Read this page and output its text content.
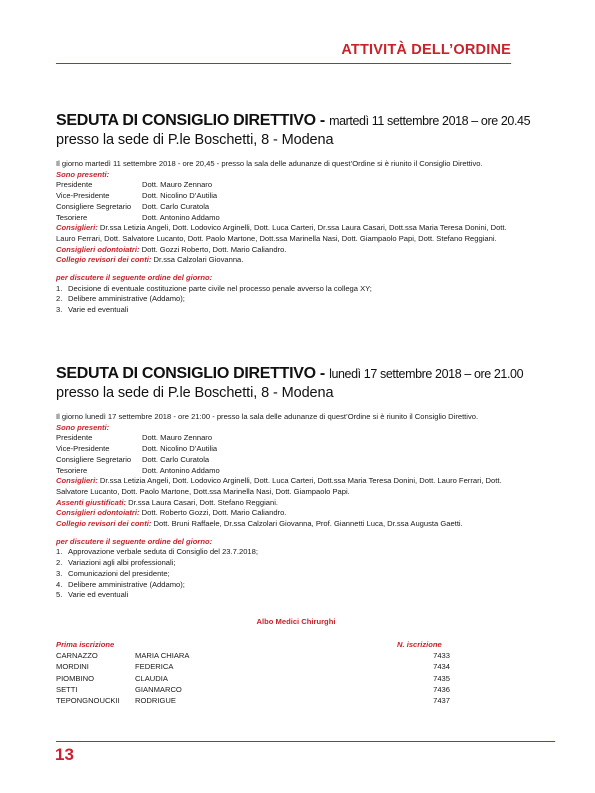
ATTIVITÀ DELL’ORDINE
SEDUTA DI CONSIGLIO DIRETTIVO - martedì 11 settembre 2018 – ore 20.45
presso la sede di P.le Boschetti, 8 - Modena
Il giorno martedì 11 settembre 2018 - ore 20,45 - presso la sala delle adunanze di quest’Ordine si è riunito il Consiglio Direttivo.
Sono presenti:
Presidente	Dott. Mauro Zennaro
Vice-Presidente	Dott. Nicolino D’Autilia
Consigliere Segretario	Dott. Carlo Curatola
Tesoriere	Dott. Antonino Addamo
Consiglieri: Dr.ssa Letizia Angeli, Dott. Lodovico Arginelli, Dott. Luca Carteri, Dr.ssa Laura Casari, Dott.ssa Maria Teresa Donini, Dott. Lauro Ferrari, Dott. Salvatore Lucanto, Dott. Paolo Martone, Dott.ssa Marinella Nasi, Dott. Giampaolo Papi, Dott. Stefano Reggiani.
Consiglieri odontoiatri: Dott. Gozzi Roberto, Dott. Mario Caliandro.
Collegio revisori dei conti: Dr.ssa Calzolari Giovanna.
per discutere il seguente ordine del giorno:
1. Decisione di eventuale costituzione parte civile nel processo penale avverso la collega XY;
2. Delibere amministrative (Addamo);
3. Varie ed eventuali
SEDUTA DI CONSIGLIO DIRETTIVO - lunedì 17 settembre 2018 – ore 21.00
presso la sede di P.le Boschetti, 8 - Modena
Il giorno lunedì 17 settembre 2018 - ore 21:00 - presso la sala delle adunanze di quest’Ordine si è riunito il Consiglio Direttivo.
Sono presenti:
Presidente	Dott. Mauro Zennaro
Vice-Presidente	Dott. Nicolino D’Autilia
Consigliere Segretario	Dott. Carlo Curatola
Tesoriere	Dott. Antonino Addamo
Consiglieri: Dr.ssa Letizia Angeli, Dott. Lodovico Arginelli, Dott. Luca Carteri, Dott.ssa Maria Teresa Donini, Dott. Lauro Ferrari, Dott. Salvatore Lucanto, Dott. Paolo Martone, Dott.ssa Marinella Nasi, Dott. Giampaolo Papi.
Assenti giustificati: Dr.ssa Laura Casari, Dott. Stefano Reggiani.
Consiglieri odontoiatri: Dott. Roberto Gozzi, Dott. Mario Caliandro.
Collegio revisori dei conti: Dott. Bruni Raffaele, Dr.ssa Calzolari Giovanna, Prof. Giannetti Luca, Dr.ssa Augusta Gaetti.
per discutere il seguente ordine del giorno:
1. Approvazione verbale seduta di Consiglio del 23.7.2018;
2. Variazioni agli albi professionali;
3. Comunicazioni del presidente;
4. Delibere amministrative (Addamo);
5. Varie ed eventuali
Albo Medici Chirurghi
Prima iscrizione	N. iscrizione
CARNAZZO	MARIA CHIARA	7433
MORDINI	FEDERICA	7434
PIOMBINO	CLAUDIA	7435
SETTI	GIANMARCO	7436
TEPONGNOUCKII RODRIGUE	7437
13
